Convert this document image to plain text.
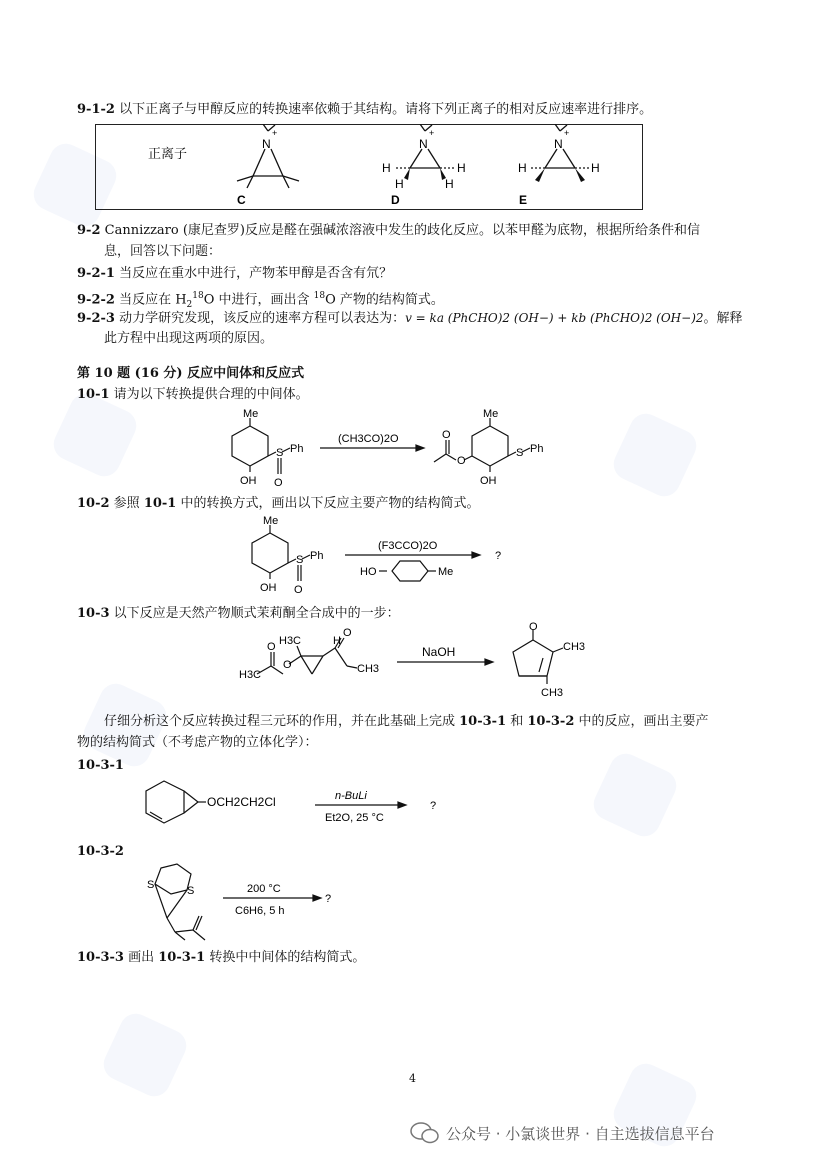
9-1-2 以下正离子与甲醇反应的转换速率依赖于其结构。请将下列正离子的相对反应速率进行排序。
正离子
N
+
C
N
+
H	H
H	H
D
N
+
H	H
E
9-2 Cannizzaro (康尼查罗)反应是醛在强碱浓溶液中发生的歧化反应。以苯甲醛为底物，根据所给条件和信
息，回答以下问题：
9-2-1 当反应在重水中进行，产物苯甲醇是否含有氘？
9-2-2 当反应在 $H_2^{18}O$ 中进行，画出含 $^{18}$O 产物的结构简式。
9-2-3 动力学研究发现，该反应的速率方程可以表达为：v = ka (PhCHO)2 (OH−) + kb (PhCHO)2 (OH−)2。解释
此方程中出现这两项的原因。
第 10 题 (16 分) 反应中间体和反应式
10-1 请为以下转换提供合理的中间体。
Me
OH
S Ph
O
(CH3CO)2O
Me
OH
S Ph
O
O
10-2 参照 10-1 中的转换方式，画出以下反应主要产物的结构简式。
Me
OH
S Ph
O
(F3CCO)2O
HO	Me
?
10-3 以下反应是天然产物顺式茉莉酮全合成中的一步：
H3C
O
O
H3C	H
O
CH3
NaOH
O
CH3
CH3
仔细分析这个反应转换过程三元环的作用，并在此基础上完成 10-3-1 和 10-3-2 中的反应，画出主要产
物的结构简式（不考虑产物的立体化学）：
10-3-1
OCH2CH2Cl	n-BuLi
Et2O, 25 °C
?
10-3-2
S	S	200 °C
C6H6, 5 h
?
10-3-3 画出 10-3-1 转换中中间体的结构简式。
4
公众号 · 小氯谈世界 · 自主选拔信息平台
